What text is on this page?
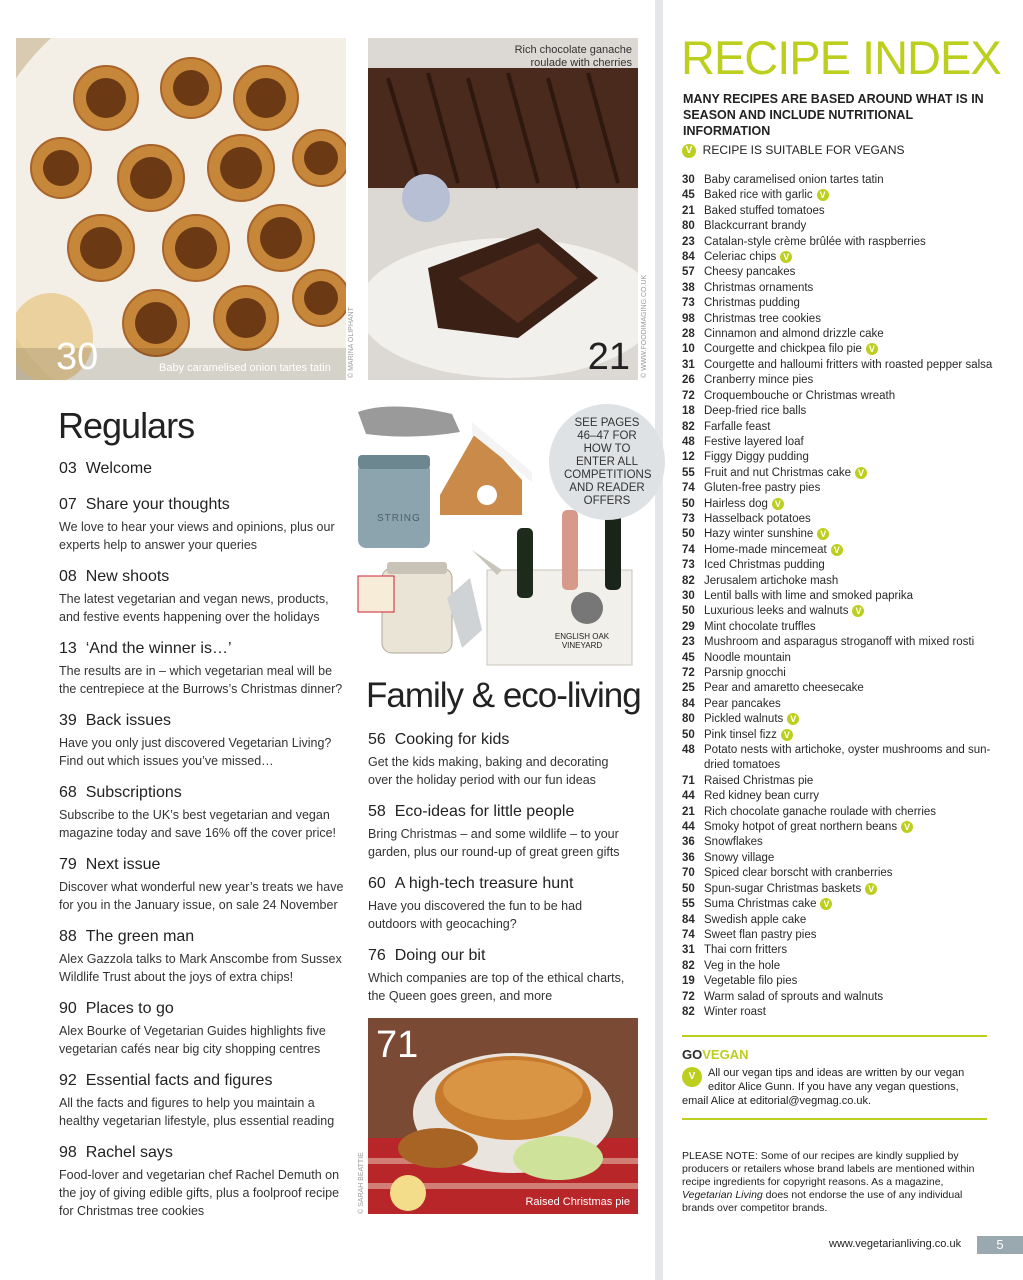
30	Baby caramelised onion tartes tatin © MARINA OLIPHANT
Rich chocolate ganache roulade with cherries
21 © WWW.FOODIMAGING.CO.UK
Regulars
03 Welcome
07 Share your thoughts

We love to hear your views and opinions, plus our experts help to answer your queries

08 New shoots

The latest vegetarian and vegan news, products, and festive events happening over the holidays

13 ‘And the winner is…’

The results are in – which vegetarian meal will be the centrepiece at the Burrows’s Christmas dinner?

39 Back issues

Have you only just discovered Vegetarian Living? Find out which issues you’ve missed…

68 Subscriptions

Subscribe to the UK’s best vegetarian and vegan magazine today and save 16% off the cover price!

79 Next issue

Discover what wonderful new year’s treats we have for you in the January issue, on sale 24 November

88 The green man

Alex Gazzola talks to Mark Anscombe from Sussex Wildlife Trust about the joys of extra chips!

90 Places to go

Alex Bourke of Vegetarian Guides highlights five vegetarian cafés near big city shopping centres

92 Essential facts and figures

All the facts and figures to help you maintain a healthy vegetarian lifestyle, plus essential reading

98 Rachel says

Food-lover and vegetarian chef Rachel Demuth on the joy of giving edible gifts, plus a foolproof recipe for Christmas tree cookies

STRING
ENGLISH OAK VINEYARD
SEE PAGES 46–47 FOR HOW TO ENTER ALL COMPETITIONS AND READER OFFERS
Family & eco-living
56 Cooking for kids

Get the kids making, baking and decorating over the holiday period with our fun ideas

58 Eco-ideas for little people

Bring Christmas – and some wildlife – to your garden, plus our round-up of great green gifts

60 A high-tech treasure hunt

Have you discovered the fun to be had outdoors with geocaching?

76 Doing our bit

Which companies are top of the ethical charts, the Queen goes green, and more

71
Raised Christmas pie
© SARAH BEATTIE
RECIPE INDEX
MANY RECIPES ARE BASED AROUND WHAT IS IN SEASON AND INCLUDE NUTRITIONAL INFORMATION
V RECIPE IS SUITABLE FOR VEGANS
30 Baby caramelised onion tartes tatin
45 Baked rice with garlic V
21 Baked stuffed tomatoes
80 Blackcurrant brandy
23 Catalan-style crème brûlée with raspberries
84 Celeriac chips V
57 Cheesy pancakes
38 Christmas ornaments
73 Christmas pudding
98 Christmas tree cookies
28 Cinnamon and almond drizzle cake
10 Courgette and chickpea filo pie V
31 Courgette and halloumi fritters with roasted pepper salsa
26 Cranberry mince pies
72 Croquembouche or Christmas wreath
18 Deep-fried rice balls
82 Farfalle feast
48 Festive layered loaf
12 Figgy Diggy pudding
55 Fruit and nut Christmas cake V
74 Gluten-free pastry pies
50 Hairless dog V
73 Hasselback potatoes
50 Hazy winter sunshine V
74 Home-made mincemeat V
73 Iced Christmas pudding
82 Jerusalem artichoke mash
30 Lentil balls with lime and smoked paprika
50 Luxurious leeks and walnuts V
29 Mint chocolate truffles
23 Mushroom and asparagus stroganoff with mixed rosti
45 Noodle mountain
72 Parsnip gnocchi
25 Pear and amaretto cheesecake
84 Pear pancakes
80 Pickled walnuts V
50 Pink tinsel fizz V
48 Potato nests with artichoke, oyster mushrooms and sun-dried tomatoes
71 Raised Christmas pie
44 Red kidney bean curry
21 Rich chocolate ganache roulade with cherries
44 Smoky hotpot of great northern beans V
36 Snowflakes
36 Snowy village
70 Spiced clear borscht with cranberries
50 Spun-sugar Christmas baskets V
55 Suma Christmas cake V
84 Swedish apple cake
74 Sweet flan pastry pies
31 Thai corn fritters
82 Veg in the hole
19 Vegetable filo pies
72 Warm salad of sprouts and walnuts
82 Winter roast
GOVEGAN
V	All our vegan tips and ideas are written by our vegan editor Alice Gunn. If you have any vegan questions, email Alice at editorial@vegmag.co.uk.
PLEASE NOTE: Some of our recipes are kindly supplied by producers or retailers whose brand labels are mentioned within recipe ingredients for copyright reasons. As a magazine, Vegetarian Living does not endorse the use of any individual brands over competitor brands.
www.vegetarianliving.co.uk	5
